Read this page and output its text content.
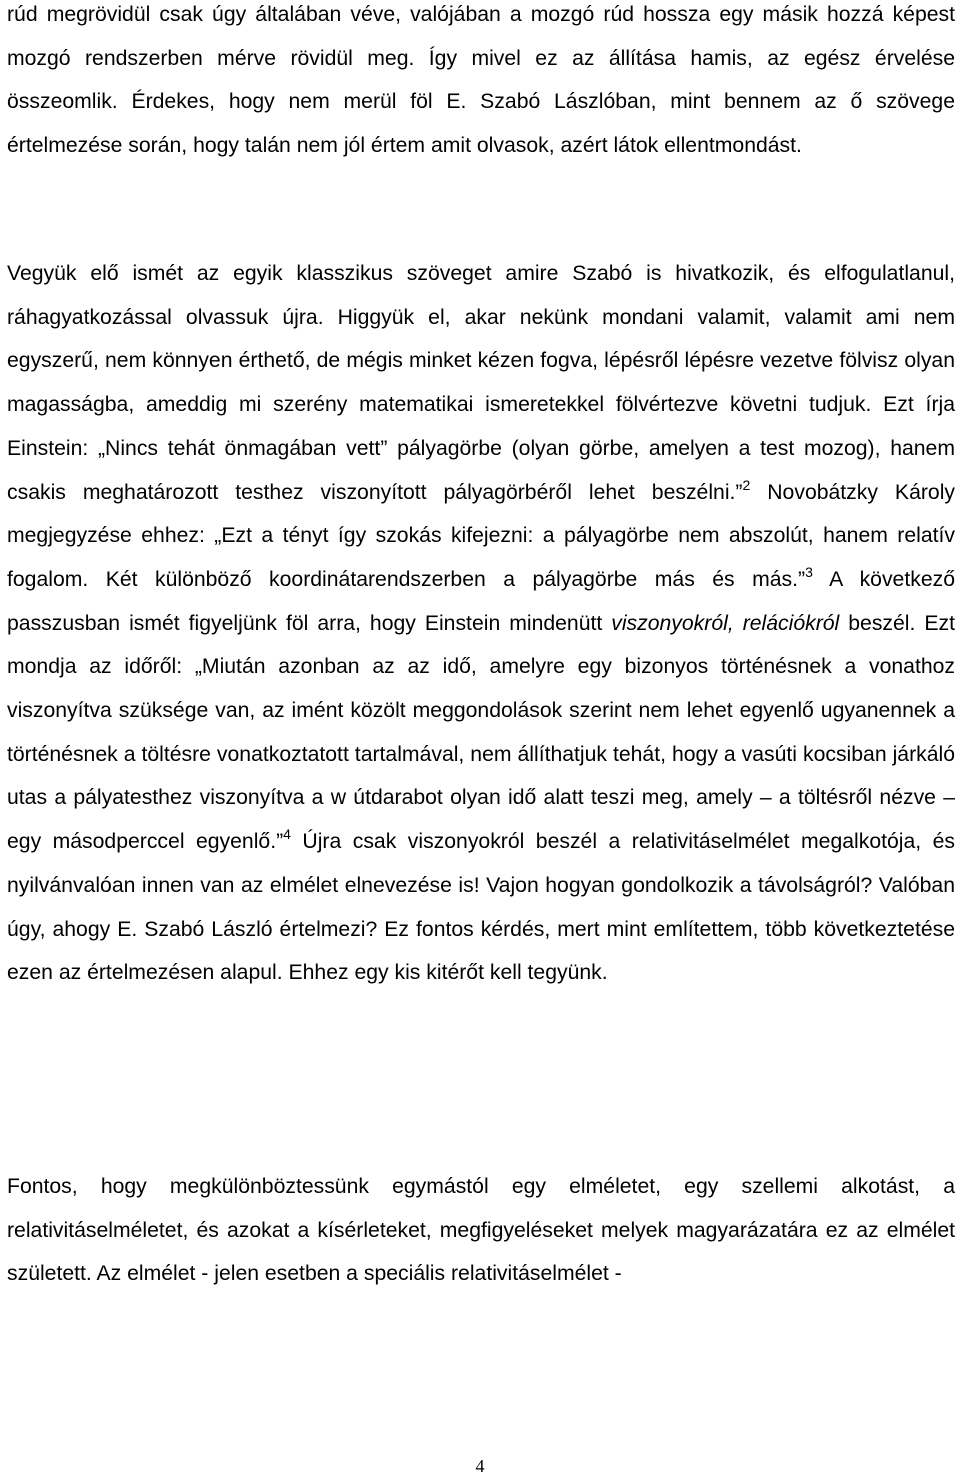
rúd megrövidül csak úgy általában véve, valójában a mozgó rúd hossza egy másik hozzá képest mozgó rendszerben mérve rövidül meg. Így mivel ez az állítása hamis, az egész érvelése összeomlik. Érdekes, hogy nem merül föl E. Szabó Lászlóban, mint bennem az ő szövege értelmezése során, hogy talán nem jól értem amit olvasok, azért látok ellentmondást.

Vegyük elő ismét az egyik klasszikus szöveget amire Szabó is hivatkozik, és elfogulatlanul, ráhagyatkozással olvassuk újra. Higgyük el, akar nekünk mondani valamit, valamit ami nem egyszerű, nem könnyen érthető, de mégis minket kézen fogva, lépésről lépésre vezetve fölvisz olyan magasságba, ameddig mi szerény matematikai ismeretekkel fölvértezve követni tudjuk. Ezt írja Einstein: „Nincs tehát önmagában vett” pályagörbe (olyan görbe, amelyen a test mozog), hanem csakis meghatározott testhez viszonyított pályagörbéről lehet beszélni.”$^2$ Novobátzky Károly megjegyzése ehhez: „Ezt a tényt így szokás kifejezni: a pályagörbe nem abszolút, hanem relatív fogalom. Két különböző koordinátarendszerben a pályagörbe más és más.”$^3$ A következő passzusban ismét figyeljünk föl arra, hogy Einstein mindenütt viszonyokról, relációkról beszél. Ezt mondja az időről: „Miután azonban az az idő, amelyre egy bizonyos történésnek a vonathoz viszonyítva szüksége van, az imént közölt meggondolások szerint nem lehet egyenlő ugyanennek a történésnek a töltésre vonatkoztatott tartalmával, nem állíthatjuk tehát, hogy a vasúti kocsiban járkáló utas a pályatesthez viszonyítva a w útdarabot olyan idő alatt teszi meg, amely – a töltésről nézve – egy másodperccel egyenlő.”$^4$ Újra csak viszonyokról beszél a relativitáselmélet megalkotója, és nyilvánvalóan innen van az elmélet elnevezése is! Vajon hogyan gondolkozik a távolságról? Valóban úgy, ahogy E. Szabó László értelmezi? Ez fontos kérdés, mert mint említettem, több következtetése ezen az értelmezésen alapul. Ehhez egy kis kitérőt kell tegyünk.

Fontos, hogy megkülönböztessünk egymástól egy elméletet, egy szellemi alkotást, a relativitáselméletet, és azokat a kísérleteket, megfigyeléseket melyek magyarázatára ez az elmélet született. Az elmélet - jelen esetben a speciális relativitáselmélet -

4
